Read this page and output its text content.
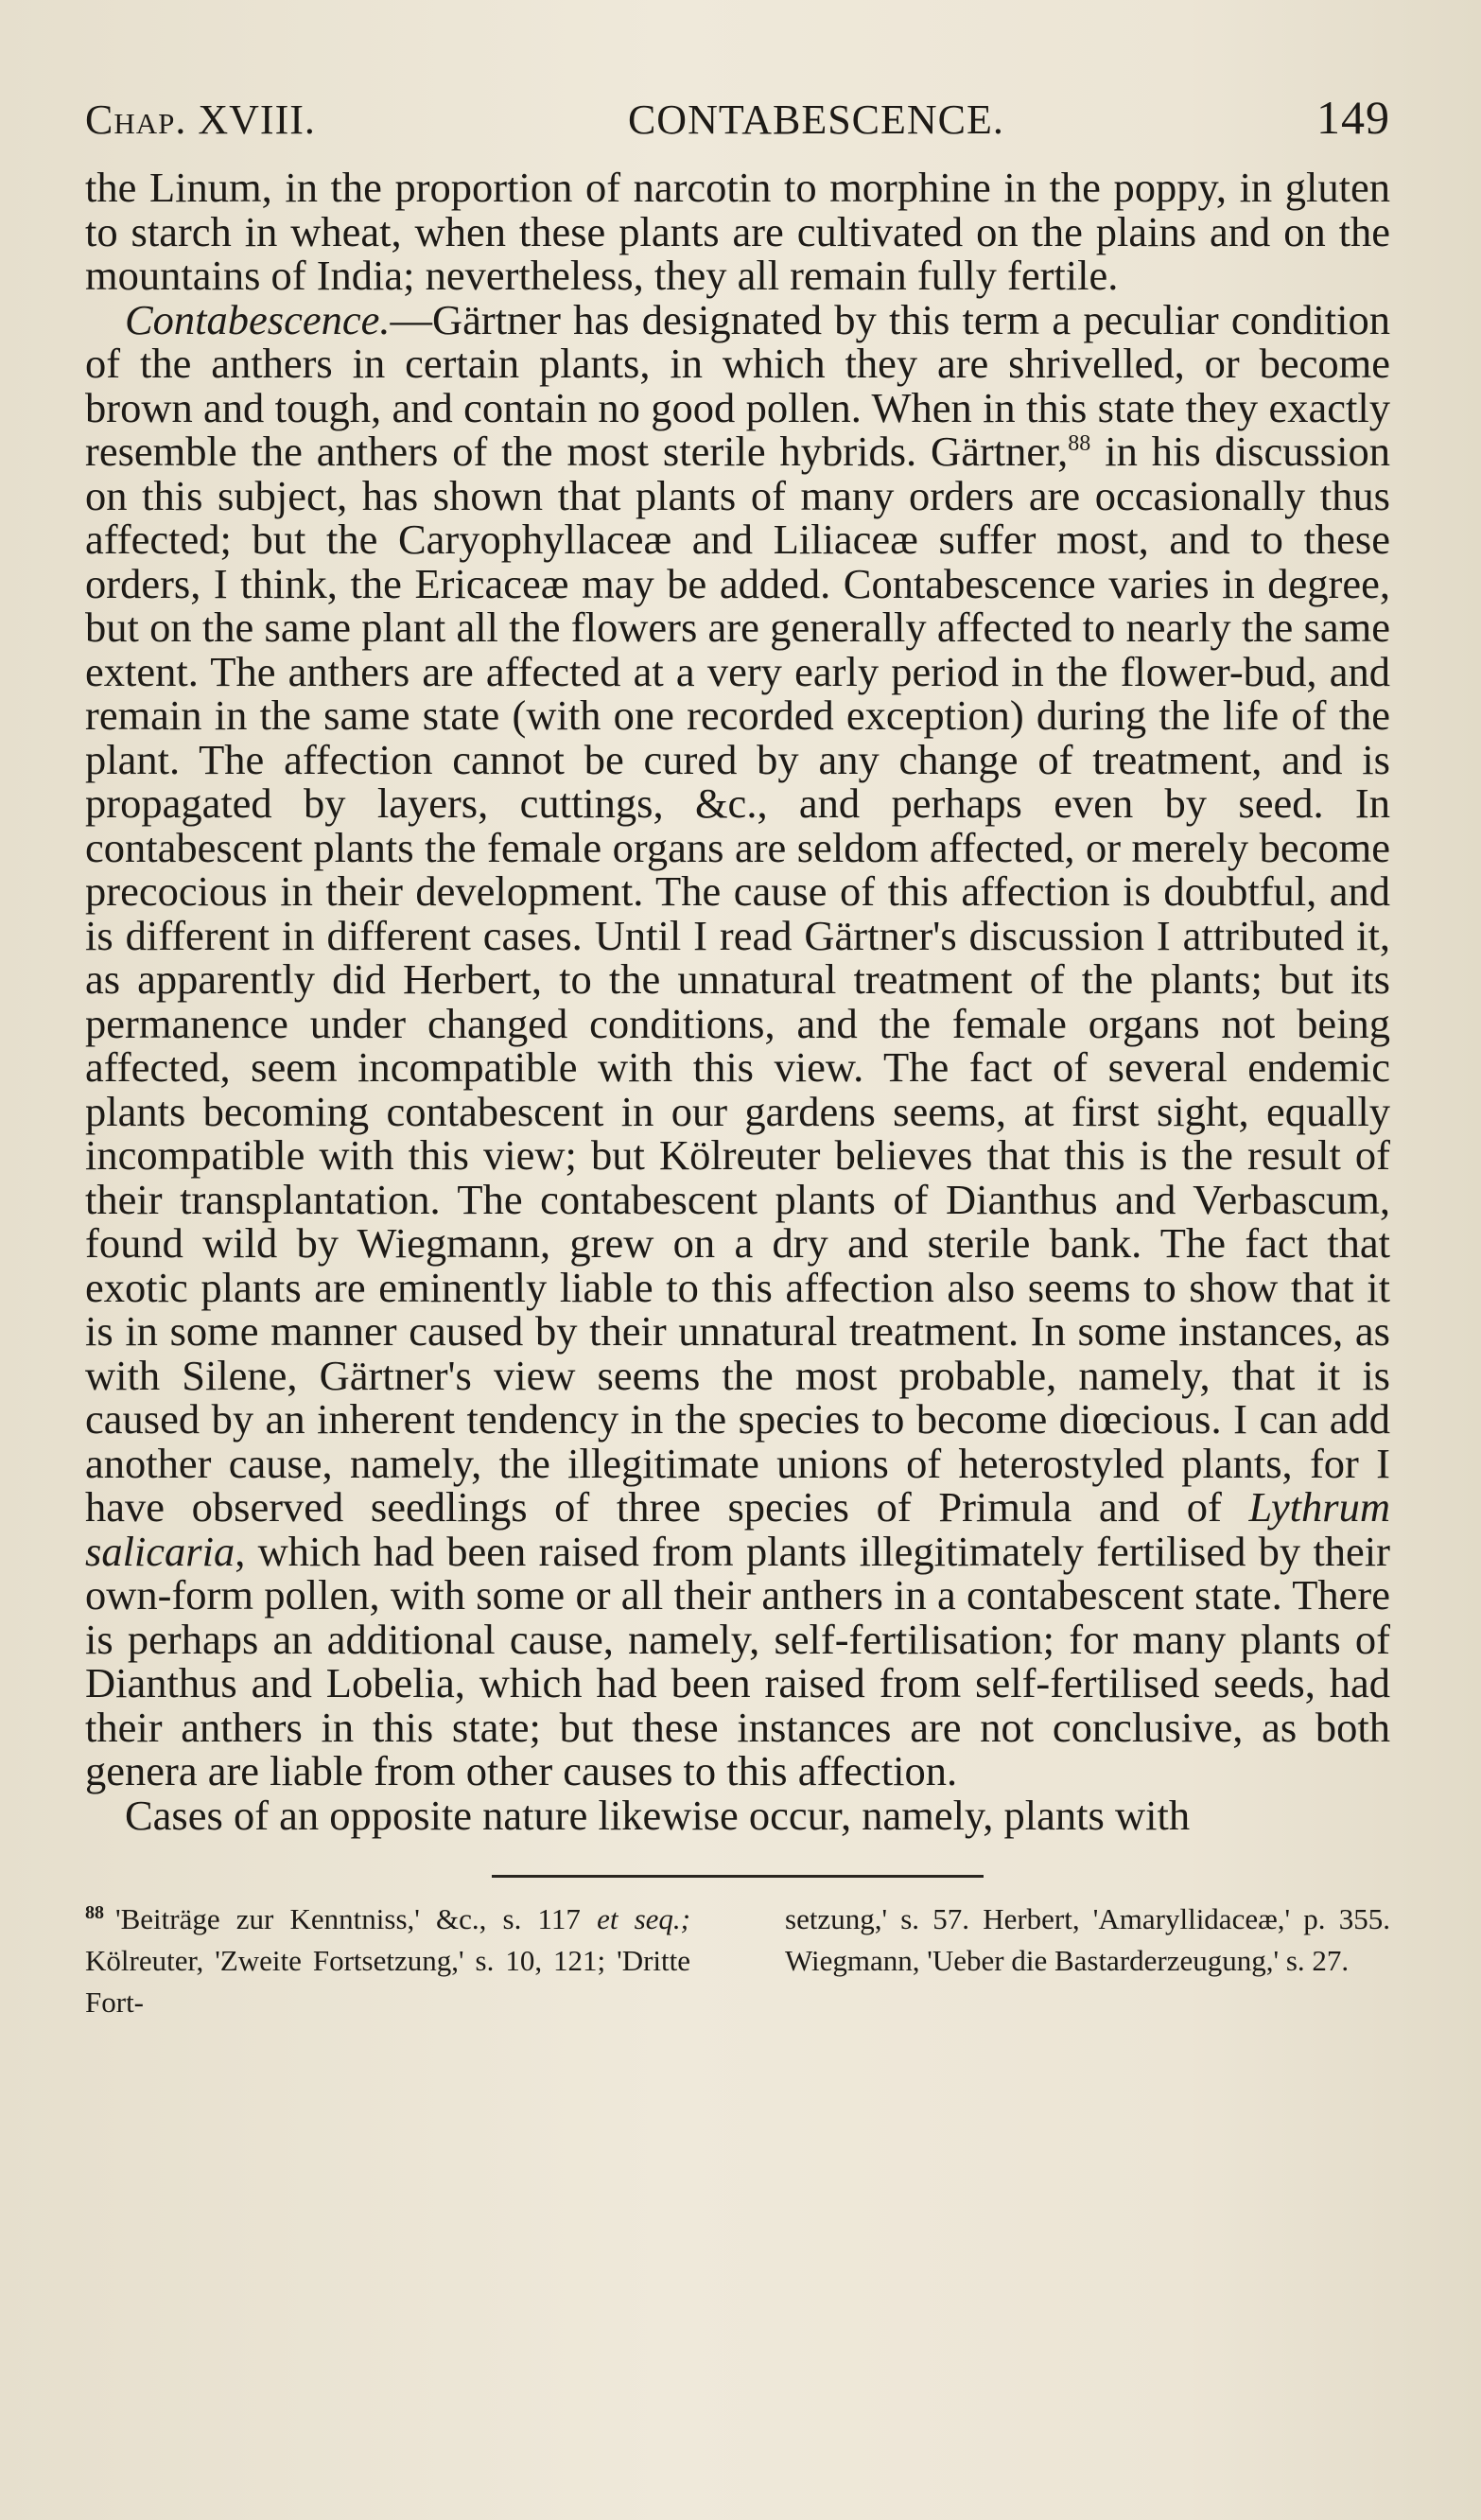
Chap. XVIII.	CONTABESCENCE.	149

the Linum, in the proportion of narcotin to morphine in the poppy, in gluten to starch in wheat, when these plants are cultivated on the plains and on the mountains of India; nevertheless, they all remain fully fertile.

Contabescence.—Gärtner has designated by this term a peculiar condition of the anthers in certain plants, in which they are shrivelled, or become brown and tough, and contain no good pollen. When in this state they exactly resemble the anthers of the most sterile hybrids. Gärtner,$^{88}$ in his discussion on this subject, has shown that plants of many orders are occasionally thus affected; but the Caryophyllaceæ and Liliaceæ suffer most, and to these orders, I think, the Ericaceæ may be added. Contabescence varies in degree, but on the same plant all the flowers are generally affected to nearly the same extent. The anthers are affected at a very early period in the flower-bud, and remain in the same state (with one recorded exception) during the life of the plant. The affection cannot be cured by any change of treatment, and is propagated by layers, cuttings, &c., and perhaps even by seed. In contabescent plants the female organs are seldom affected, or merely become precocious in their development. The cause of this affection is doubtful, and is different in different cases. Until I read Gärtner's discussion I attributed it, as apparently did Herbert, to the unnatural treatment of the plants; but its permanence under changed conditions, and the female organs not being affected, seem incompatible with this view. The fact of several endemic plants becoming contabescent in our gardens seems, at first sight, equally incompatible with this view; but Kölreuter believes that this is the result of their transplantation. The contabescent plants of Dianthus and Verbascum, found wild by Wiegmann, grew on a dry and sterile bank. The fact that exotic plants are eminently liable to this affection also seems to show that it is in some manner caused by their unnatural treatment. In some instances, as with Silene, Gärtner's view seems the most probable, namely, that it is caused by an inherent tendency in the species to become diœcious. I can add another cause, namely, the illegitimate unions of heterostyled plants, for I have observed seedlings of three species of Primula and of Lythrum salicaria, which had been raised from plants illegitimately fertilised by their own-form pollen, with some or all their anthers in a contabescent state. There is perhaps an additional cause, namely, self-fertilisation; for many plants of Dianthus and Lobelia, which had been raised from self-fertilised seeds, had their anthers in this state; but these instances are not conclusive, as both genera are liable from other causes to this affection.

Cases of an opposite nature likewise occur, namely, plants with

$^{88}$ 'Beiträge zur Kenntniss,' &c., s. 117 et seq.; Kölreuter, 'Zweite Fortsetzung,' s. 10, 121; 'Dritte Fort-
setzung,' s. 57. Herbert, 'Amaryllidaceæ,' p. 355. Wiegmann, 'Ueber die Bastarderzeugung,' s. 27.
